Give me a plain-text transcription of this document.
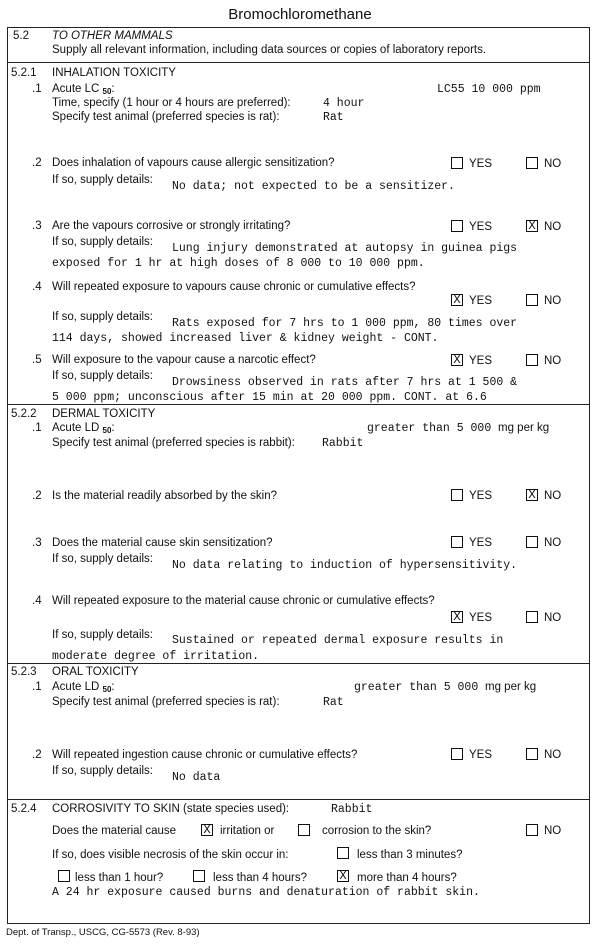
Bromochloromethane
5.2 TO OTHER MAMMALS
Supply all relevant information, including data sources or copies of laboratory reports.
5.2.1 INHALATION TOXICITY
.1 Acute LC $_{50}$:	LC55 10 000 ppm
Time, specify (1 hour or 4 hours are preferred):	4 hour
Specify test animal (preferred species is rat):	Rat
.2 Does inhalation of vapours cause allergic sensitization?	YES	NO
If so, supply details: No data; not expected to be a sensitizer.
.3 Are the vapours corrosive or strongly irritating?	YES	X NO
If so, supply details: Lung injury demonstrated at autopsy in guinea pigs
exposed for 1 hr at high doses of 8 000 to 10 000 ppm.
.4 Will repeated exposure to vapours cause chronic or cumulative effects?
X YES	NO
If so, supply details: Rats exposed for 7 hrs to 1 000 ppm, 80 times over
114 days, showed increased liver & kidney weight - CONT.
.5 Will exposure to the vapour cause a narcotic effect?	X YES	NO
If so, supply details: Drowsiness observed in rats after 7 hrs at 1 500 &
5 000 ppm; unconscious after 15 min at 20 000 ppm. CONT. at 6.6
5.2.2 DERMAL TOXICITY
.1 Acute LD $_{50}$:	greater than 5 000 mg per kg
Specify test animal (preferred species is rabbit): Rabbit
.2 Is the material readily absorbed by the skin?	YES	X NO
.3 Does the material cause skin sensitization?	YES	NO
If so, supply details: No data relating to induction of hypersensitivity.
.4 Will repeated exposure to the material cause chronic or cumulative effects?
X YES	NO
If so, supply details: Sustained or repeated dermal exposure results in
moderate degree of irritation.
5.2.3 ORAL TOXICITY
.1 Acute LD $_{50}$:	greater than 5 000 mg per kg
Specify test animal (preferred species is rat):	Rat
.2 Will repeated ingestion cause chronic or cumulative effects?	YES	NO
If so, supply details: No data
5.2.4 CORROSIVITY TO SKIN (state species used):	Rabbit
Does the material cause X irritation or	corrosion to the skin?	NO
If so, does visible necrosis of the skin occur in:	less than 3 minutes?
less than 1 hour?	less than 4 hours?	X more than 4 hours?
A 24 hr exposure caused burns and denaturation of rabbit skin.
Dept. of Transp., USCG, CG-5573 (Rev. 8-93)
